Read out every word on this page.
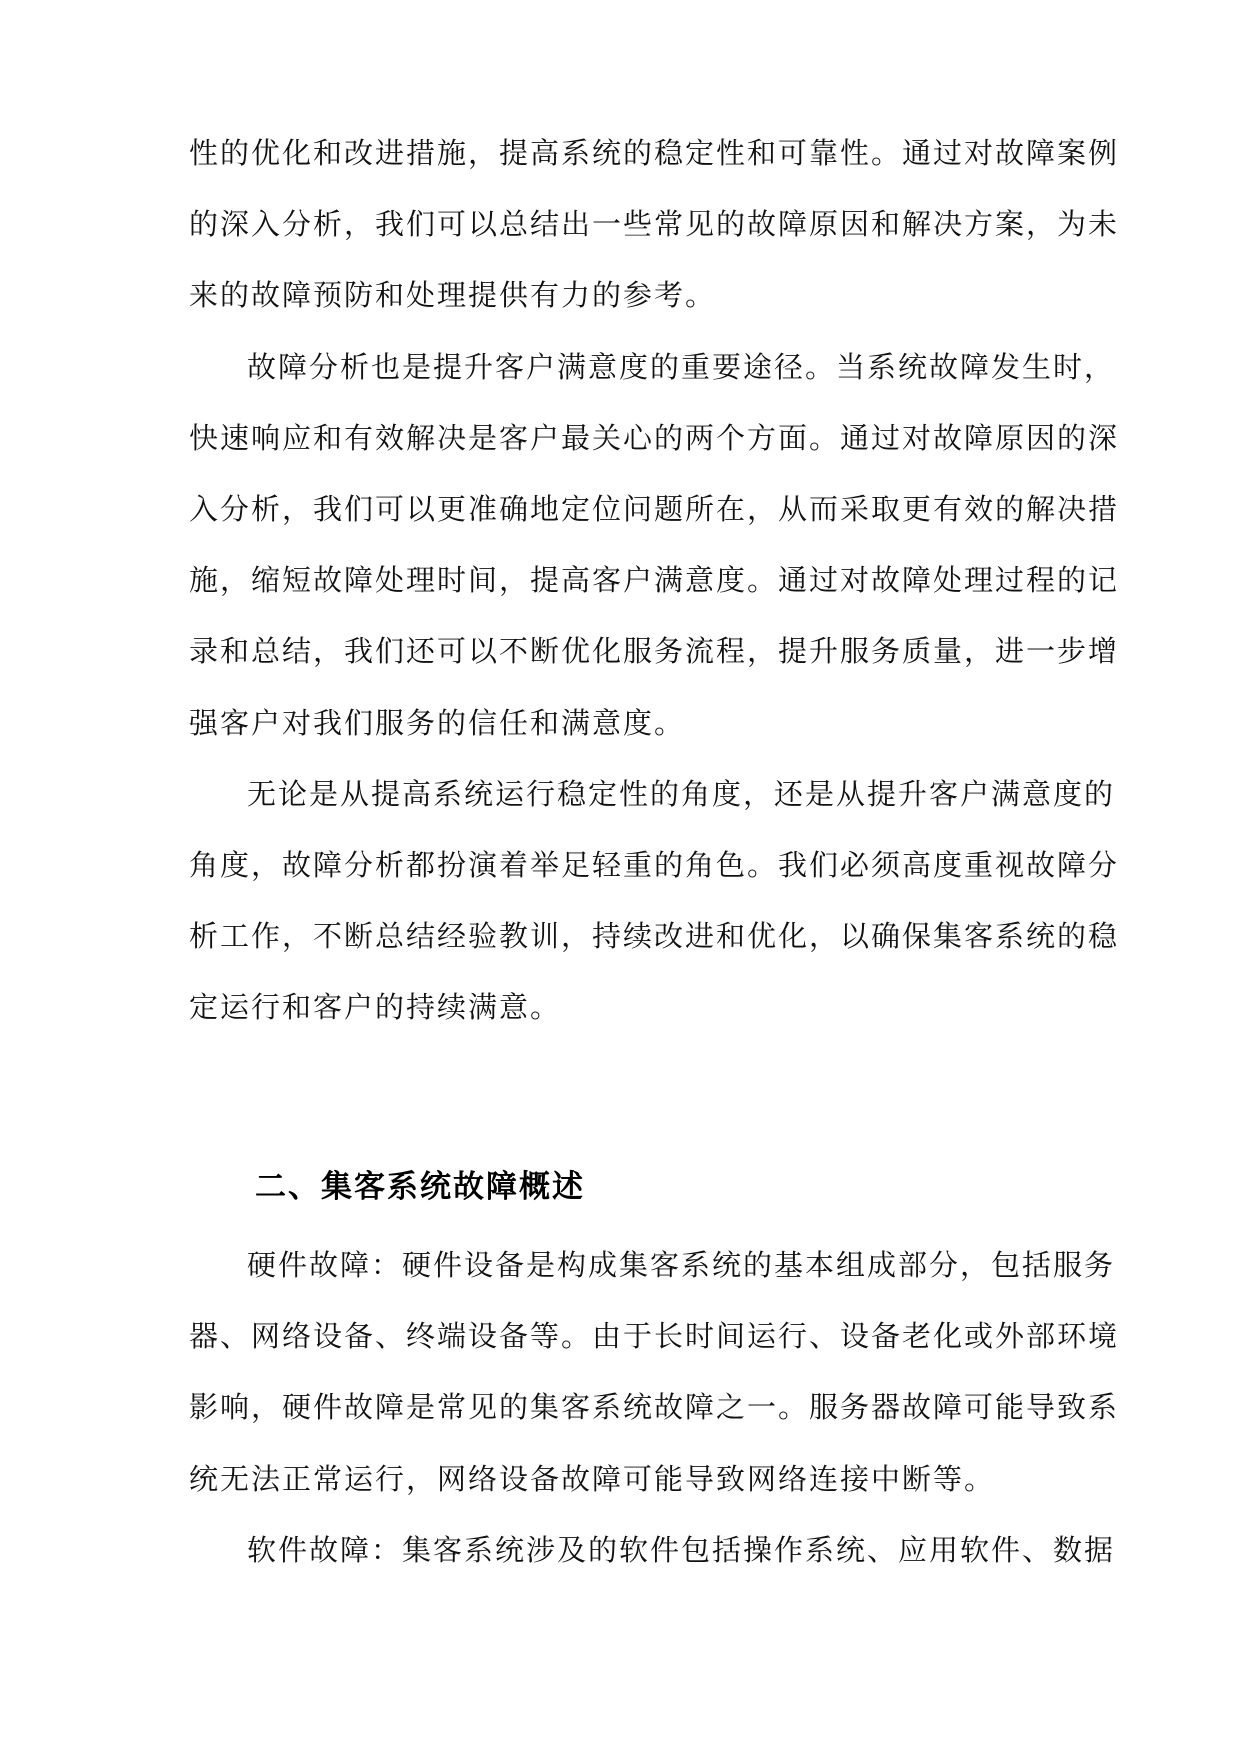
性的优化和改进措施，提高系统的稳定性和可靠性。通过对故障案例
的深入分析，我们可以总结出一些常见的故障原因和解决方案，为未
来的故障预防和处理提供有力的参考。
故障分析也是提升客户满意度的重要途径。当系统故障发生时，
快速响应和有效解决是客户最关心的两个方面。通过对故障原因的深
入分析，我们可以更准确地定位问题所在，从而采取更有效的解决措
施，缩短故障处理时间，提高客户满意度。通过对故障处理过程的记
录和总结，我们还可以不断优化服务流程，提升服务质量，进一步增
强客户对我们服务的信任和满意度。
无论是从提高系统运行稳定性的角度，还是从提升客户满意度的
角度，故障分析都扮演着举足轻重的角色。我们必须高度重视故障分
析工作，不断总结经验教训，持续改进和优化，以确保集客系统的稳
定运行和客户的持续满意。
二、集客系统故障概述
硬件故障：硬件设备是构成集客系统的基本组成部分，包括服务
器、网络设备、终端设备等。由于长时间运行、设备老化或外部环境
影响，硬件故障是常见的集客系统故障之一。服务器故障可能导致系
统无法正常运行，网络设备故障可能导致网络连接中断等。
软件故障：集客系统涉及的软件包括操作系统、应用软件、数据
